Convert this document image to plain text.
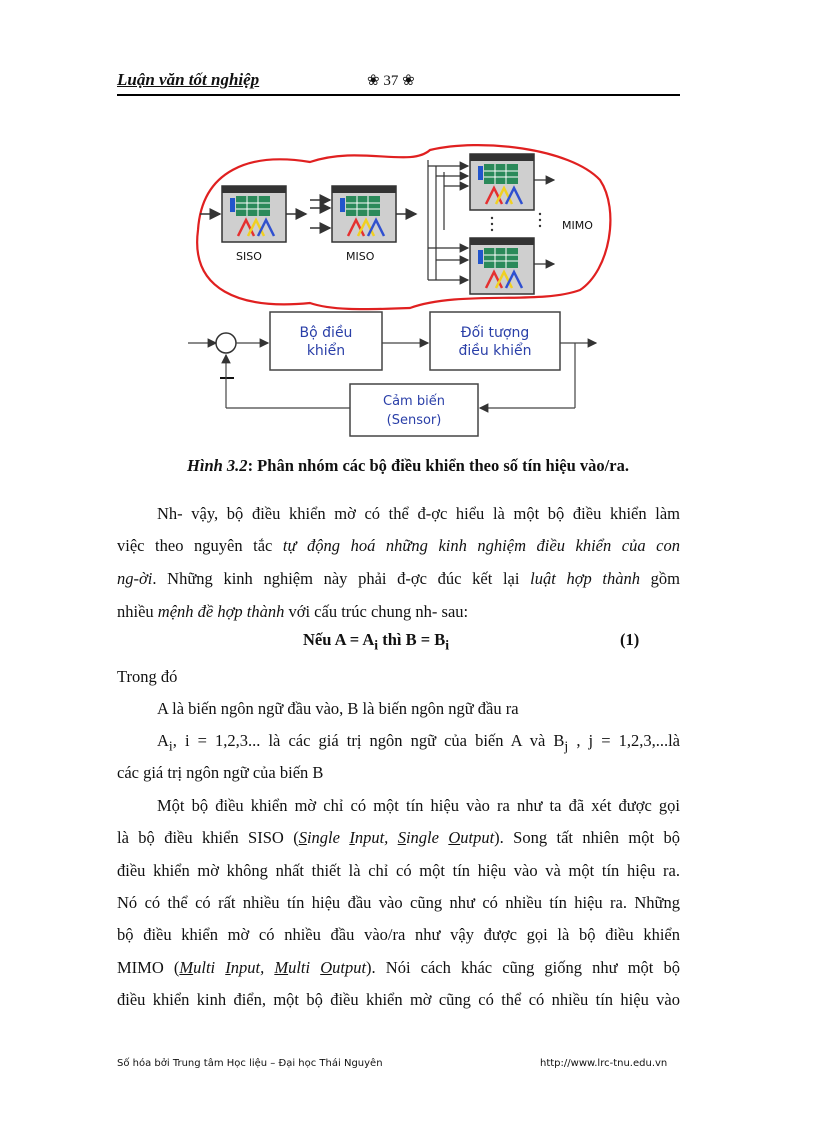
Luận văn tốt nghiệp	❀ 37 ❀
SISO	MISO
MIMO
Bộ điều
khiển
Đối tượng
điều khiển
Cảm biến
(Sensor)
Hình 3.2: Phân nhóm các bộ điều khiển theo số tín hiệu vào/ra.
Nh- vậy, bộ điều khiển mờ có thể đ-ợc hiểu là một bộ điều khiển làm
việc theo nguyên tắc tự động hoá những kinh nghiệm điều khiển của con
ng-ời. Những kinh nghiệm này phải đ-ợc đúc kết lại luật hợp thành gồm
nhiều mệnh đề hợp thành với cấu trúc chung nh- sau:
Nếu $A = A_i$ thì $B = B_i$	(1)
Trong đó
A là biến ngôn ngữ đầu vào, B là biến ngôn ngữ đầu ra
$A_i$, i = 1,2,3... là các giá trị ngôn ngữ của biến A và $B_j$ , j = 1,2,3,...là
các giá trị ngôn ngữ của biến B
Một bộ điều khiển mờ chỉ có một tín hiệu vào ra như ta đã xét được gọi
là bộ điều khiển SISO (Single Input, Single Output). Song tất nhiên một bộ
điều khiển mờ không nhất thiết là chỉ có một tín hiệu vào và một tín hiệu ra.
Nó có thể có rất nhiều tín hiệu đầu vào cũng như có nhiều tín hiệu ra. Những
bộ điều khiển mờ có nhiều đầu vào/ra như vậy được gọi là bộ điều khiển
MIMO (Multi Input, Multi Output). Nói cách khác cũng giống như một bộ
điều khiển kinh điển, một bộ điều khiển mờ cũng có thể có nhiều tín hiệu vào
Số hóa bởi Trung tâm Học liệu – Đại học Thái Nguyên	http://www.lrc-tnu.edu.vn
